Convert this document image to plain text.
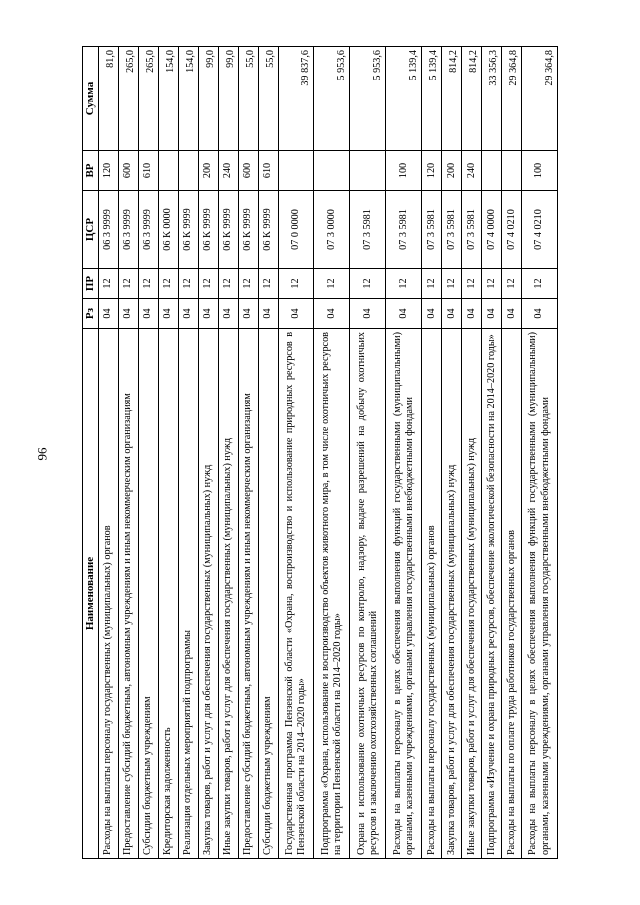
96
Наименование	Рз	ПР	ЦСР	ВР	Сумма
Расходы на выплаты персоналу государственных (муниципальных) органов	04	12	06 3 9999	120	81,0
Предоставление субсидий бюджетным, автономным учреждениям и иным некоммерческим организациям	04	12	06 3 9999	600	265,0
Субсидии бюджетным учреждениям	04	12	06 3 9999	610	265,0
Кредиторская задолженность	04	12	06 К 0000		154,0
Реализация отдельных мероприятий подпрограммы	04	12	06 К 9999		154,0
Закупка товаров, работ и услуг для обеспечения государственных (муниципальных) нужд	04	12	06 К 9999	200	99,0
Иные закупки товаров, работ и услуг для обеспечения государственных (муниципальных) нужд	04	12	06 К 9999	240	99,0
Предоставление субсидий бюджетным, автономным учреждениям и иным некоммерческим организациям	04	12	06 К 9999	600	55,0
Субсидии бюджетным учреждениям	04	12	06 К 9999	610	55,0
Государственная программа Пензенской области «Охрана, воспроизводство и использование природных ресурсов в Пензенской области на 2014–2020 годы»	04	12	07 0 0000		39 837,6
Подпрограмма «Охрана, использование и воспроизводство объектов животного мира, в том числе охотничьих ресурсов на территории Пензенской области на 2014–2020 годы»	04	12	07 3 0000		5 953,6
Охрана и использование охотничьих ресурсов по контролю, надзору, выдаче разрешений на добычу охотничьих ресурсов и заключению охотхозяйственных соглашений	04	12	07 3 5981		5 953,6
Расходы на выплаты персоналу в целях обеспечения выполнения функций государственными (муниципальными) органами, казенными учреждениями, органами управления государственными внебюджетными фондами	04	12	07 3 5981	100	5 139,4
Расходы на выплаты персоналу государственных (муниципальных) органов	04	12	07 3 5981	120	5 139,4
Закупка товаров, работ и услуг для обеспечения государственных (муниципальных) нужд	04	12	07 3 5981	200	814,2
Иные закупки товаров, работ и услуг для обеспечения государственных (муниципальных) нужд	04	12	07 3 5981	240	814,2
Подпрограмма «Изучение и охрана природных ресурсов, обеспечение экологической безопасности на 2014–2020 годы»	04	12	07 4 0000		33 356,3
Расходы на выплаты по оплате труда работников государственных органов	04	12	07 4 0210		29 364,8
Расходы на выплаты персоналу в целях обеспечения выполнения функций государственными (муниципальными) органами, казенными учреждениями, органами управления государственными внебюджетными фондами	04	12	07 4 0210	100	29 364,8
